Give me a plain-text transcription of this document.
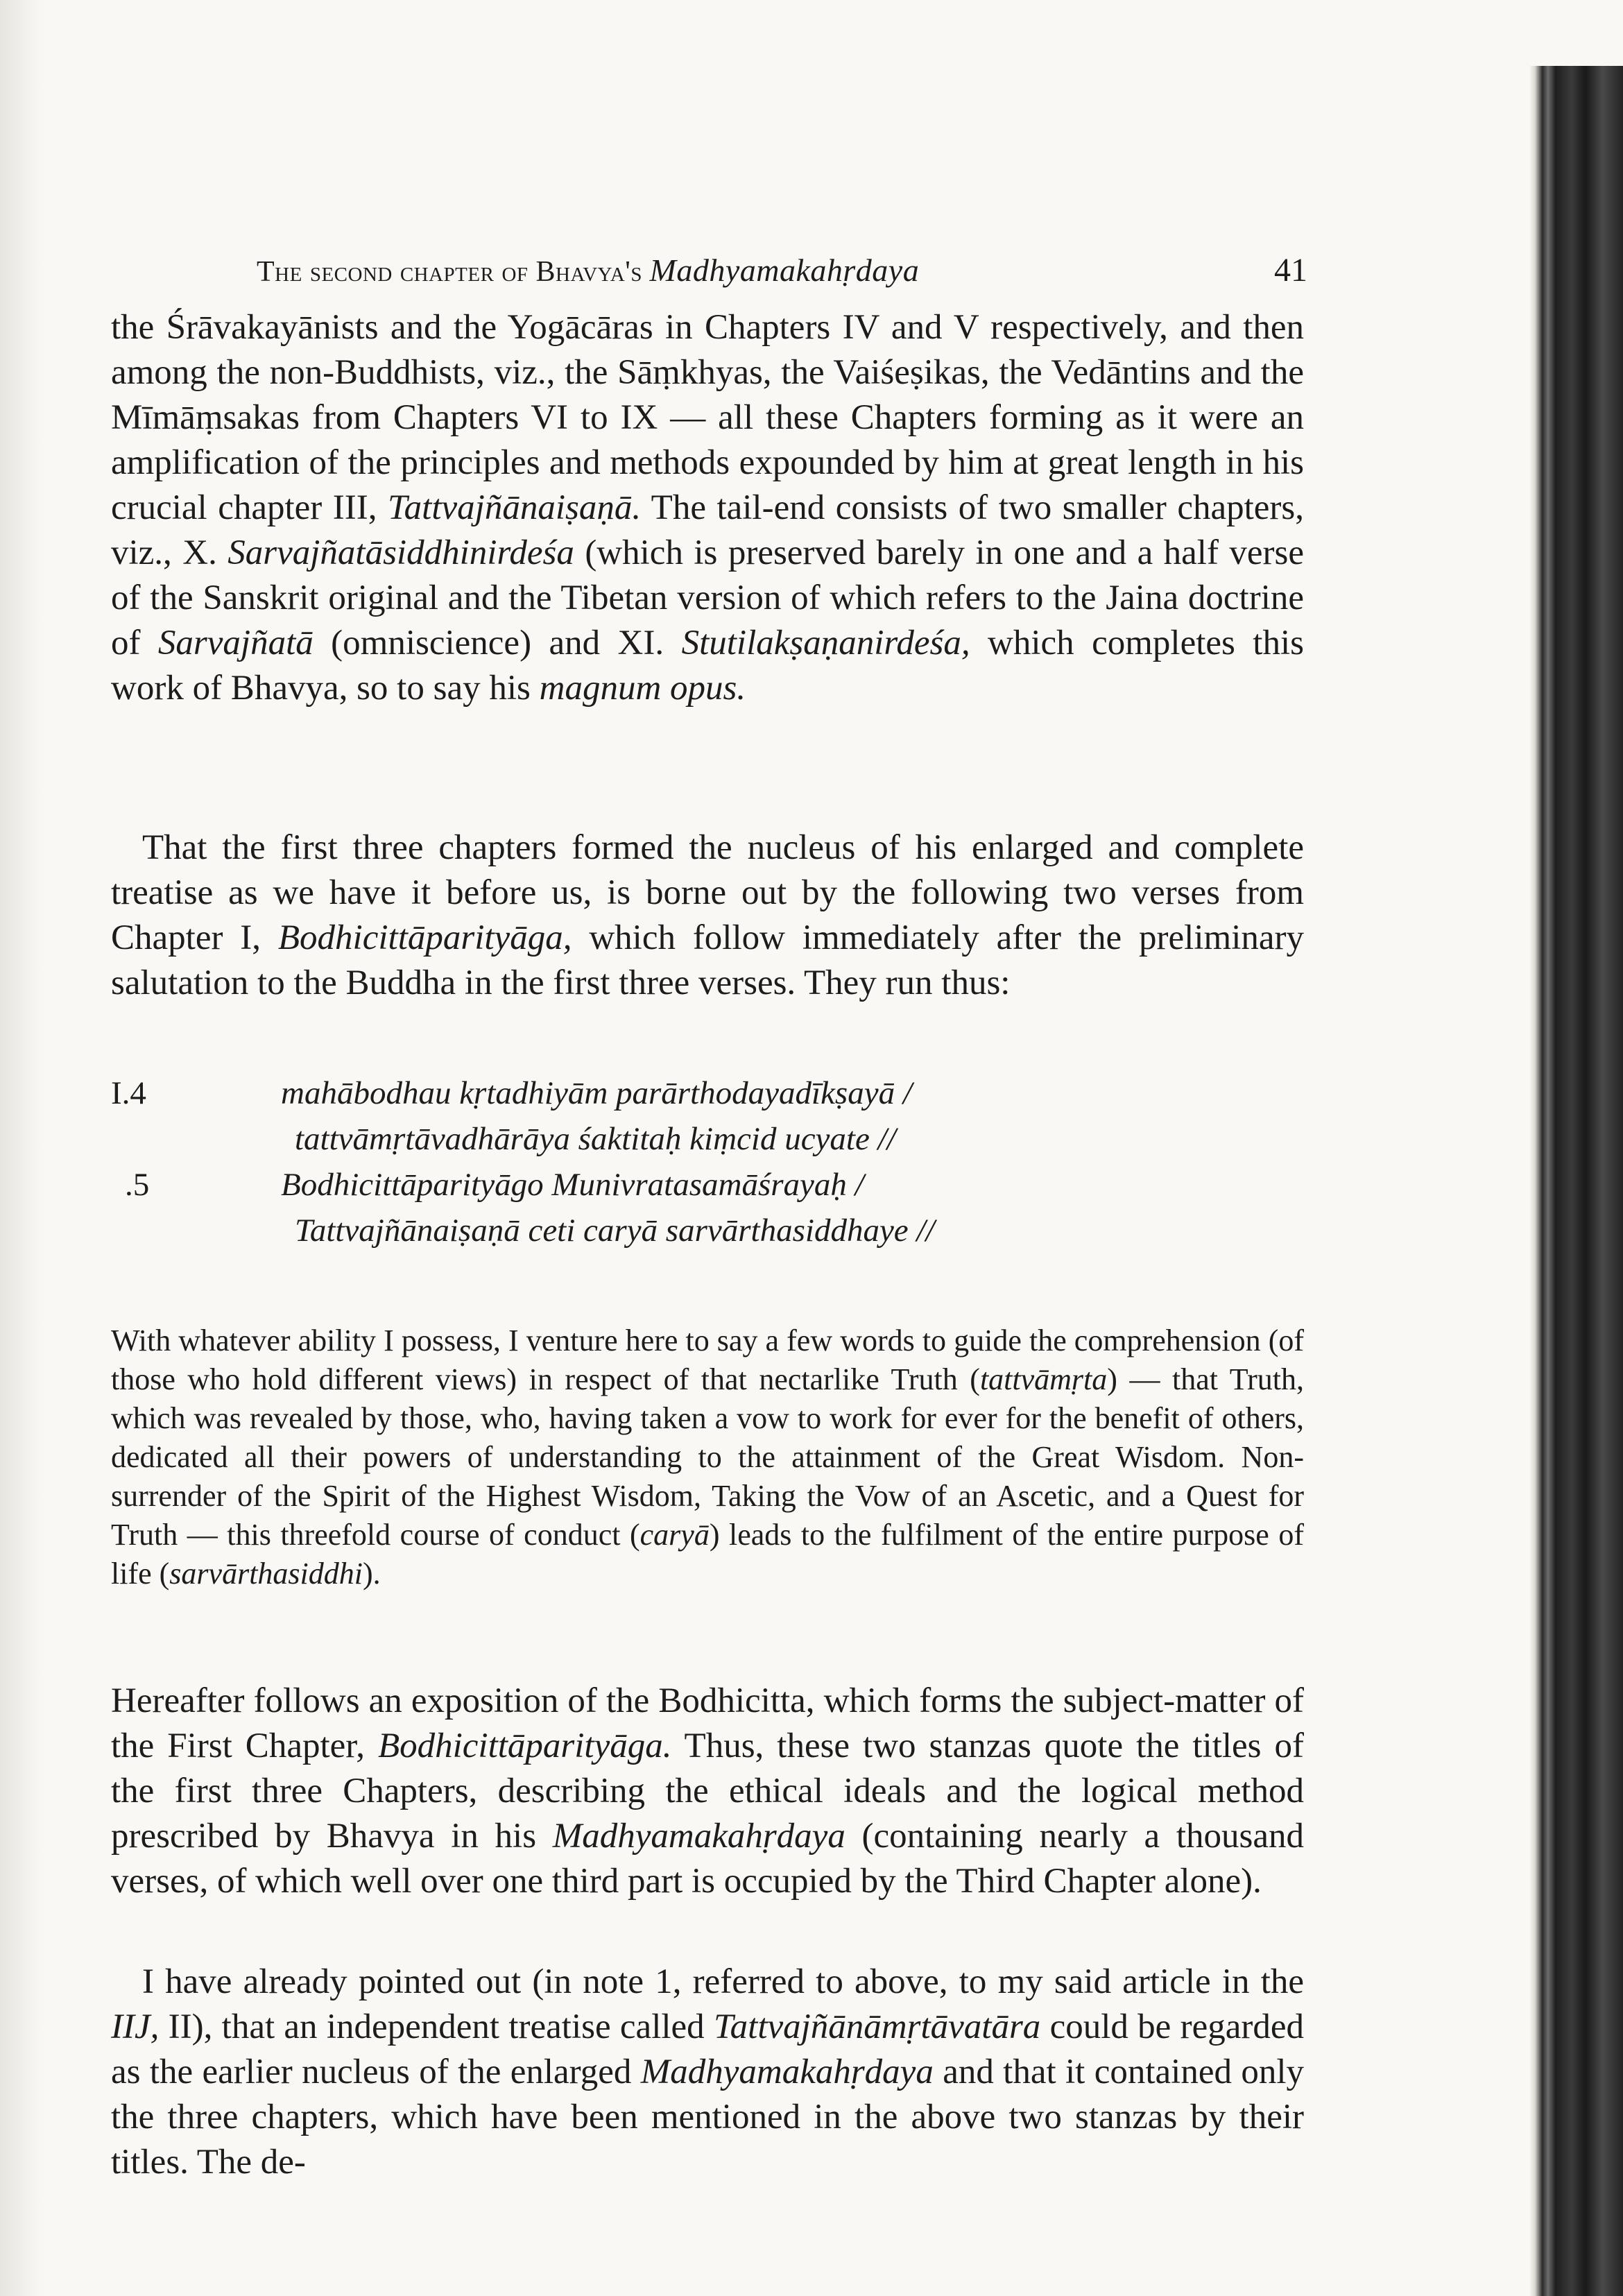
The second chapter of Bhavya's Madhyamakahṛdaya	41

the Śrāvakayānists and the Yogācāras in Chapters IV and V respectively, and then among the non-Buddhists, viz., the Sāṃkhyas, the Vaiśeṣikas, the Vedāntins and the Mīmāṃsakas from Chapters VI to IX — all these Chapters forming as it were an amplification of the principles and methods expounded by him at great length in his crucial chapter III, Tattvajñānaiṣaṇā. The tail-end consists of two smaller chapters, viz., X. Sarvajñatāsiddhinirdeśa (which is preserved barely in one and a half verse of the Sanskrit original and the Tibetan version of which refers to the Jaina doctrine of Sarvajñatā (omniscience) and XI. Stutilakṣaṇanirdeśa, which completes this work of Bhavya, so to say his magnum opus.

That the first three chapters formed the nucleus of his enlarged and complete treatise as we have it before us, is borne out by the following two verses from Chapter I, Bodhicittāparityāga, which follow immediately after the preliminary salutation to the Buddha in the first three verses. They run thus:

I.4	mahābodhau kṛtadhiyām parārthodayadīkṣayā /
tattvāmṛtāvadhārāya śaktitaḥ kiṃcid ucyate //
.5	Bodhicittāparityāgo Munivratasamāśrayaḥ /
Tattvajñānaiṣaṇā ceti caryā sarvārthasiddhaye //

With whatever ability I possess, I venture here to say a few words to guide the comprehension (of those who hold different views) in respect of that nectarlike Truth (tattvāmṛta) — that Truth, which was revealed by those, who, having taken a vow to work for ever for the benefit of others, dedicated all their powers of understanding to the attainment of the Great Wisdom. Non-surrender of the Spirit of the Highest Wisdom, Taking the Vow of an Ascetic, and a Quest for Truth — this threefold course of conduct (caryā) leads to the fulfilment of the entire purpose of life (sarvārthasiddhi).

Hereafter follows an exposition of the Bodhicitta, which forms the subject-matter of the First Chapter, Bodhicittāparityāga. Thus, these two stanzas quote the titles of the first three Chapters, describing the ethical ideals and the logical method prescribed by Bhavya in his Madhyamakahṛdaya (containing nearly a thousand verses, of which well over one third part is occupied by the Third Chapter alone).

I have already pointed out (in note 1, referred to above, to my said article in the IIJ, II), that an independent treatise called Tattvajñānāmṛtāvatāra could be regarded as the earlier nucleus of the enlarged Madhyamakahṛdaya and that it contained only the three chapters, which have been mentioned in the above two stanzas by their titles. The de-
